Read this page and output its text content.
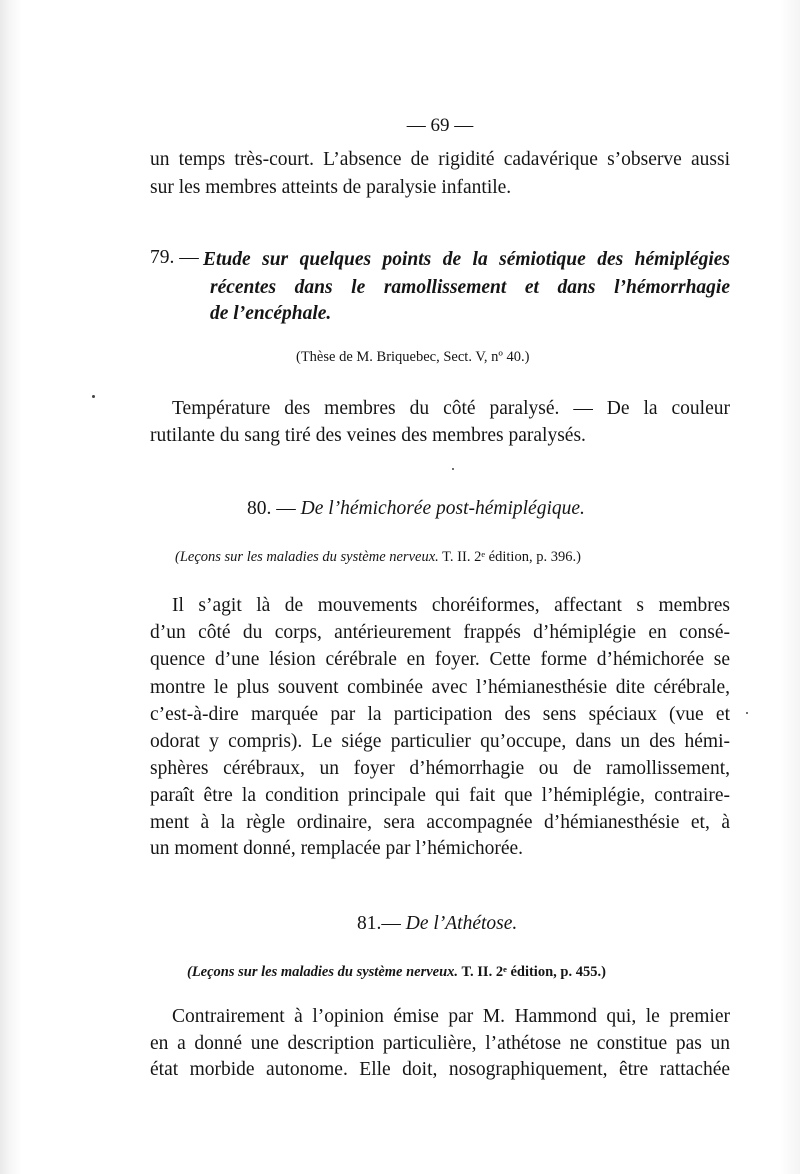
— 69 —
un temps très-court. L’absence de rigidité cadavérique s’observe aussi
sur les membres atteints de paralysie infantile.
79. — Etude sur quelques points de la sémiotique des hémiplégies
récentes dans le ramollissement et dans l’hémorrhagie
de l’encéphale.
(Thèse de M. Briquebec, Sect. V, nº 40.)
Température des membres du côté paralysé. — De la couleur
rutilante du sang tiré des veines des membres paralysés.
80. — De l’hémichorée post-hémiplégique.
(Leçons sur les maladies du système nerveux. T. II. 2ᵉ édition, p. 396.)
Il s’agit là de mouvements choréiformes, affectant s membres
d’un côté du corps, antérieurement frappés d’hémiplégie en consé-
quence d’une lésion cérébrale en foyer. Cette forme d’hémichorée se
montre le plus souvent combinée avec l’hémianesthésie dite cérébrale,
c’est-à-dire marquée par la participation des sens spéciaux (vue et
odorat y compris). Le siége particulier qu’occupe, dans un des hémi-
sphères cérébraux, un foyer d’hémorrhagie ou de ramollissement,
paraît être la condition principale qui fait que l’hémiplégie, contraire-
ment à la règle ordinaire, sera accompagnée d’hémianesthésie et, à
un moment donné, remplacée par l’hémichorée.
81.— De l’Athétose.
(Leçons sur les maladies du système nerveux. T. II. 2ᵉ édition, p. 455.)
Contrairement à l’opinion émise par M. Hammond qui, le premier
en a donné une description particulière, l’athétose ne constitue pas un
état morbide autonome. Elle doit, nosographiquement, être rattachée
